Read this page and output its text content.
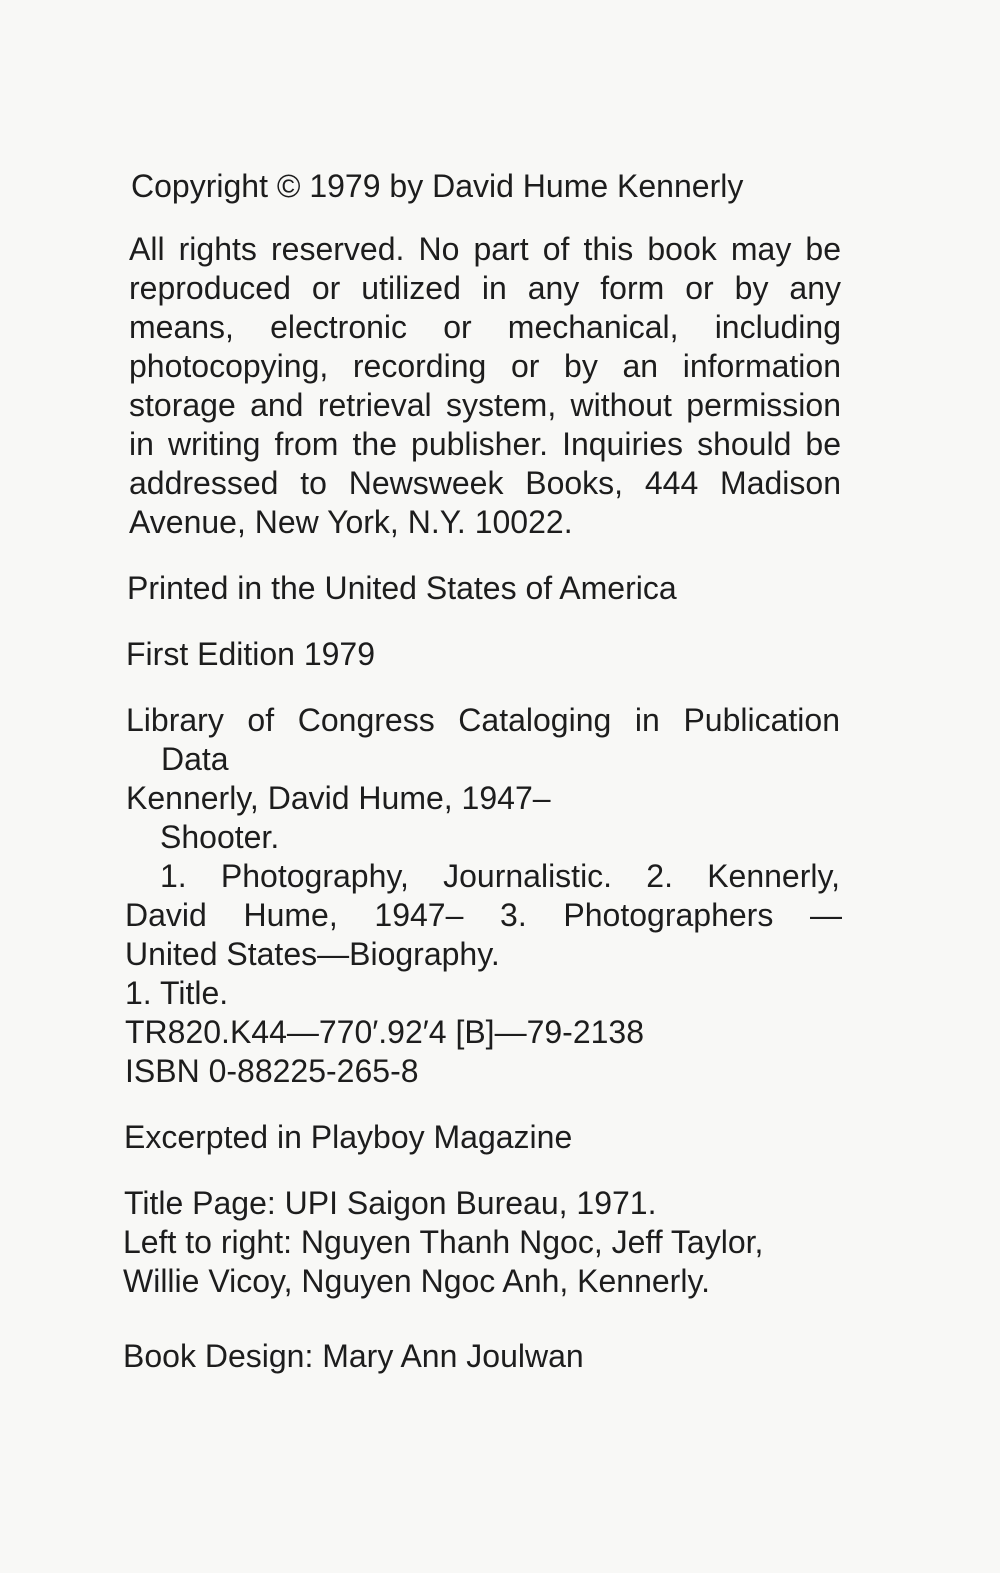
Copyright © 1979 by David Hume Kennerly
All rights reserved. No part of this book may be
reproduced or utilized in any form or by any
means, electronic or mechanical, including
photocopying, recording or by an information
storage and retrieval system, without permission
in writing from the publisher. Inquiries should be
addressed to Newsweek Books, 444 Madison
Avenue, New York, N.Y. 10022.
Printed in the United States of America
First Edition 1979
Library of Congress Cataloging in Publication
Data
Kennerly, David Hume, 1947–
Shooter.
1. Photography, Journalistic. 2. Kennerly,
David Hume, 1947– 3. Photographers —
United States—Biography.
1. Title.
TR820.K44—770′.92′4 [B]—79-2138
ISBN 0-88225-265-8
Excerpted in Playboy Magazine
Title Page: UPI Saigon Bureau, 1971.
Left to right: Nguyen Thanh Ngoc, Jeff Taylor,
Willie Vicoy, Nguyen Ngoc Anh, Kennerly.
Book Design: Mary Ann Joulwan
